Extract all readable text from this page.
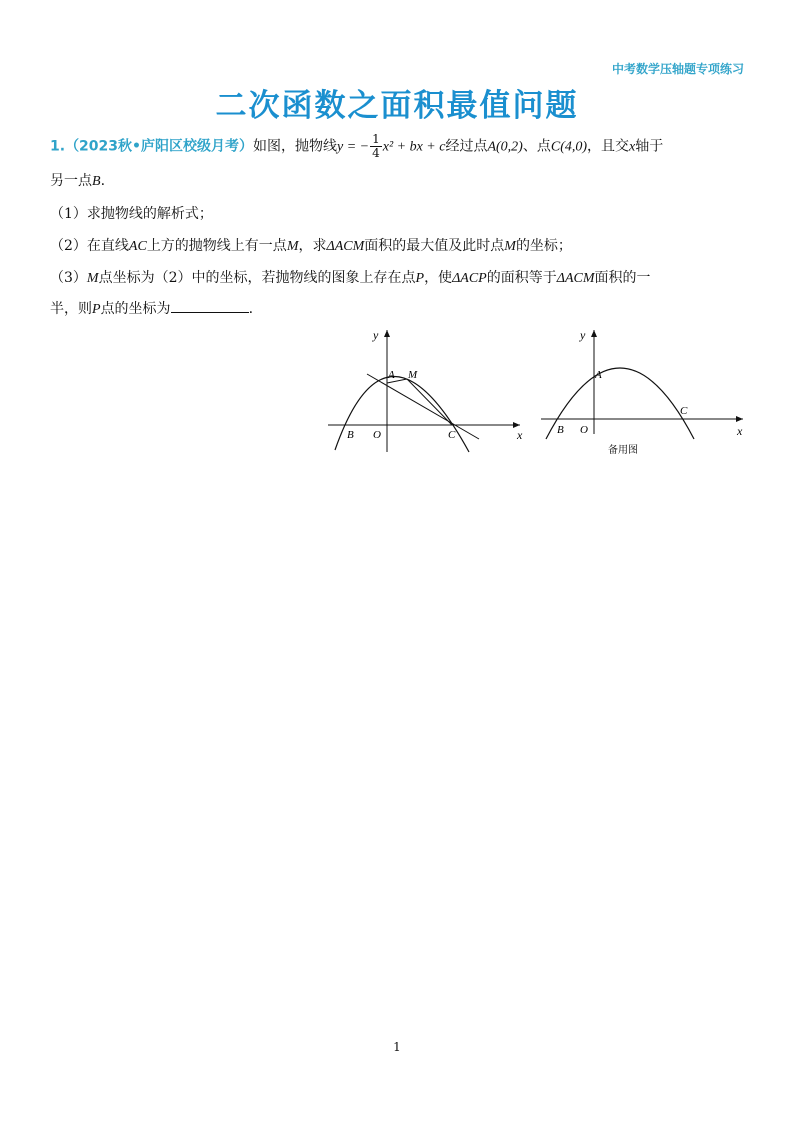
中考数学压轴题专项练习
二次函数之面积最值问题
1.（2023秋•庐阳区校级月考）如图，抛物线y = − $\frac{1}{4} x^2$ + bx + c经过点A(0,2)、点C(4,0)，且交x轴于
另一点B.
（1）求抛物线的解析式；
（2）在直线AC上方的抛物线上有一点M，求ΔACM面积的最大值及此时点M的坐标；
（3）M点坐标为（2）中的坐标，若抛物线的图象上存在点P，使ΔACP的面积等于ΔACM面积的一
半，则P点的坐标为	.
y
A M
B O	C	x
y
A
B O
C
x
备用图
1
